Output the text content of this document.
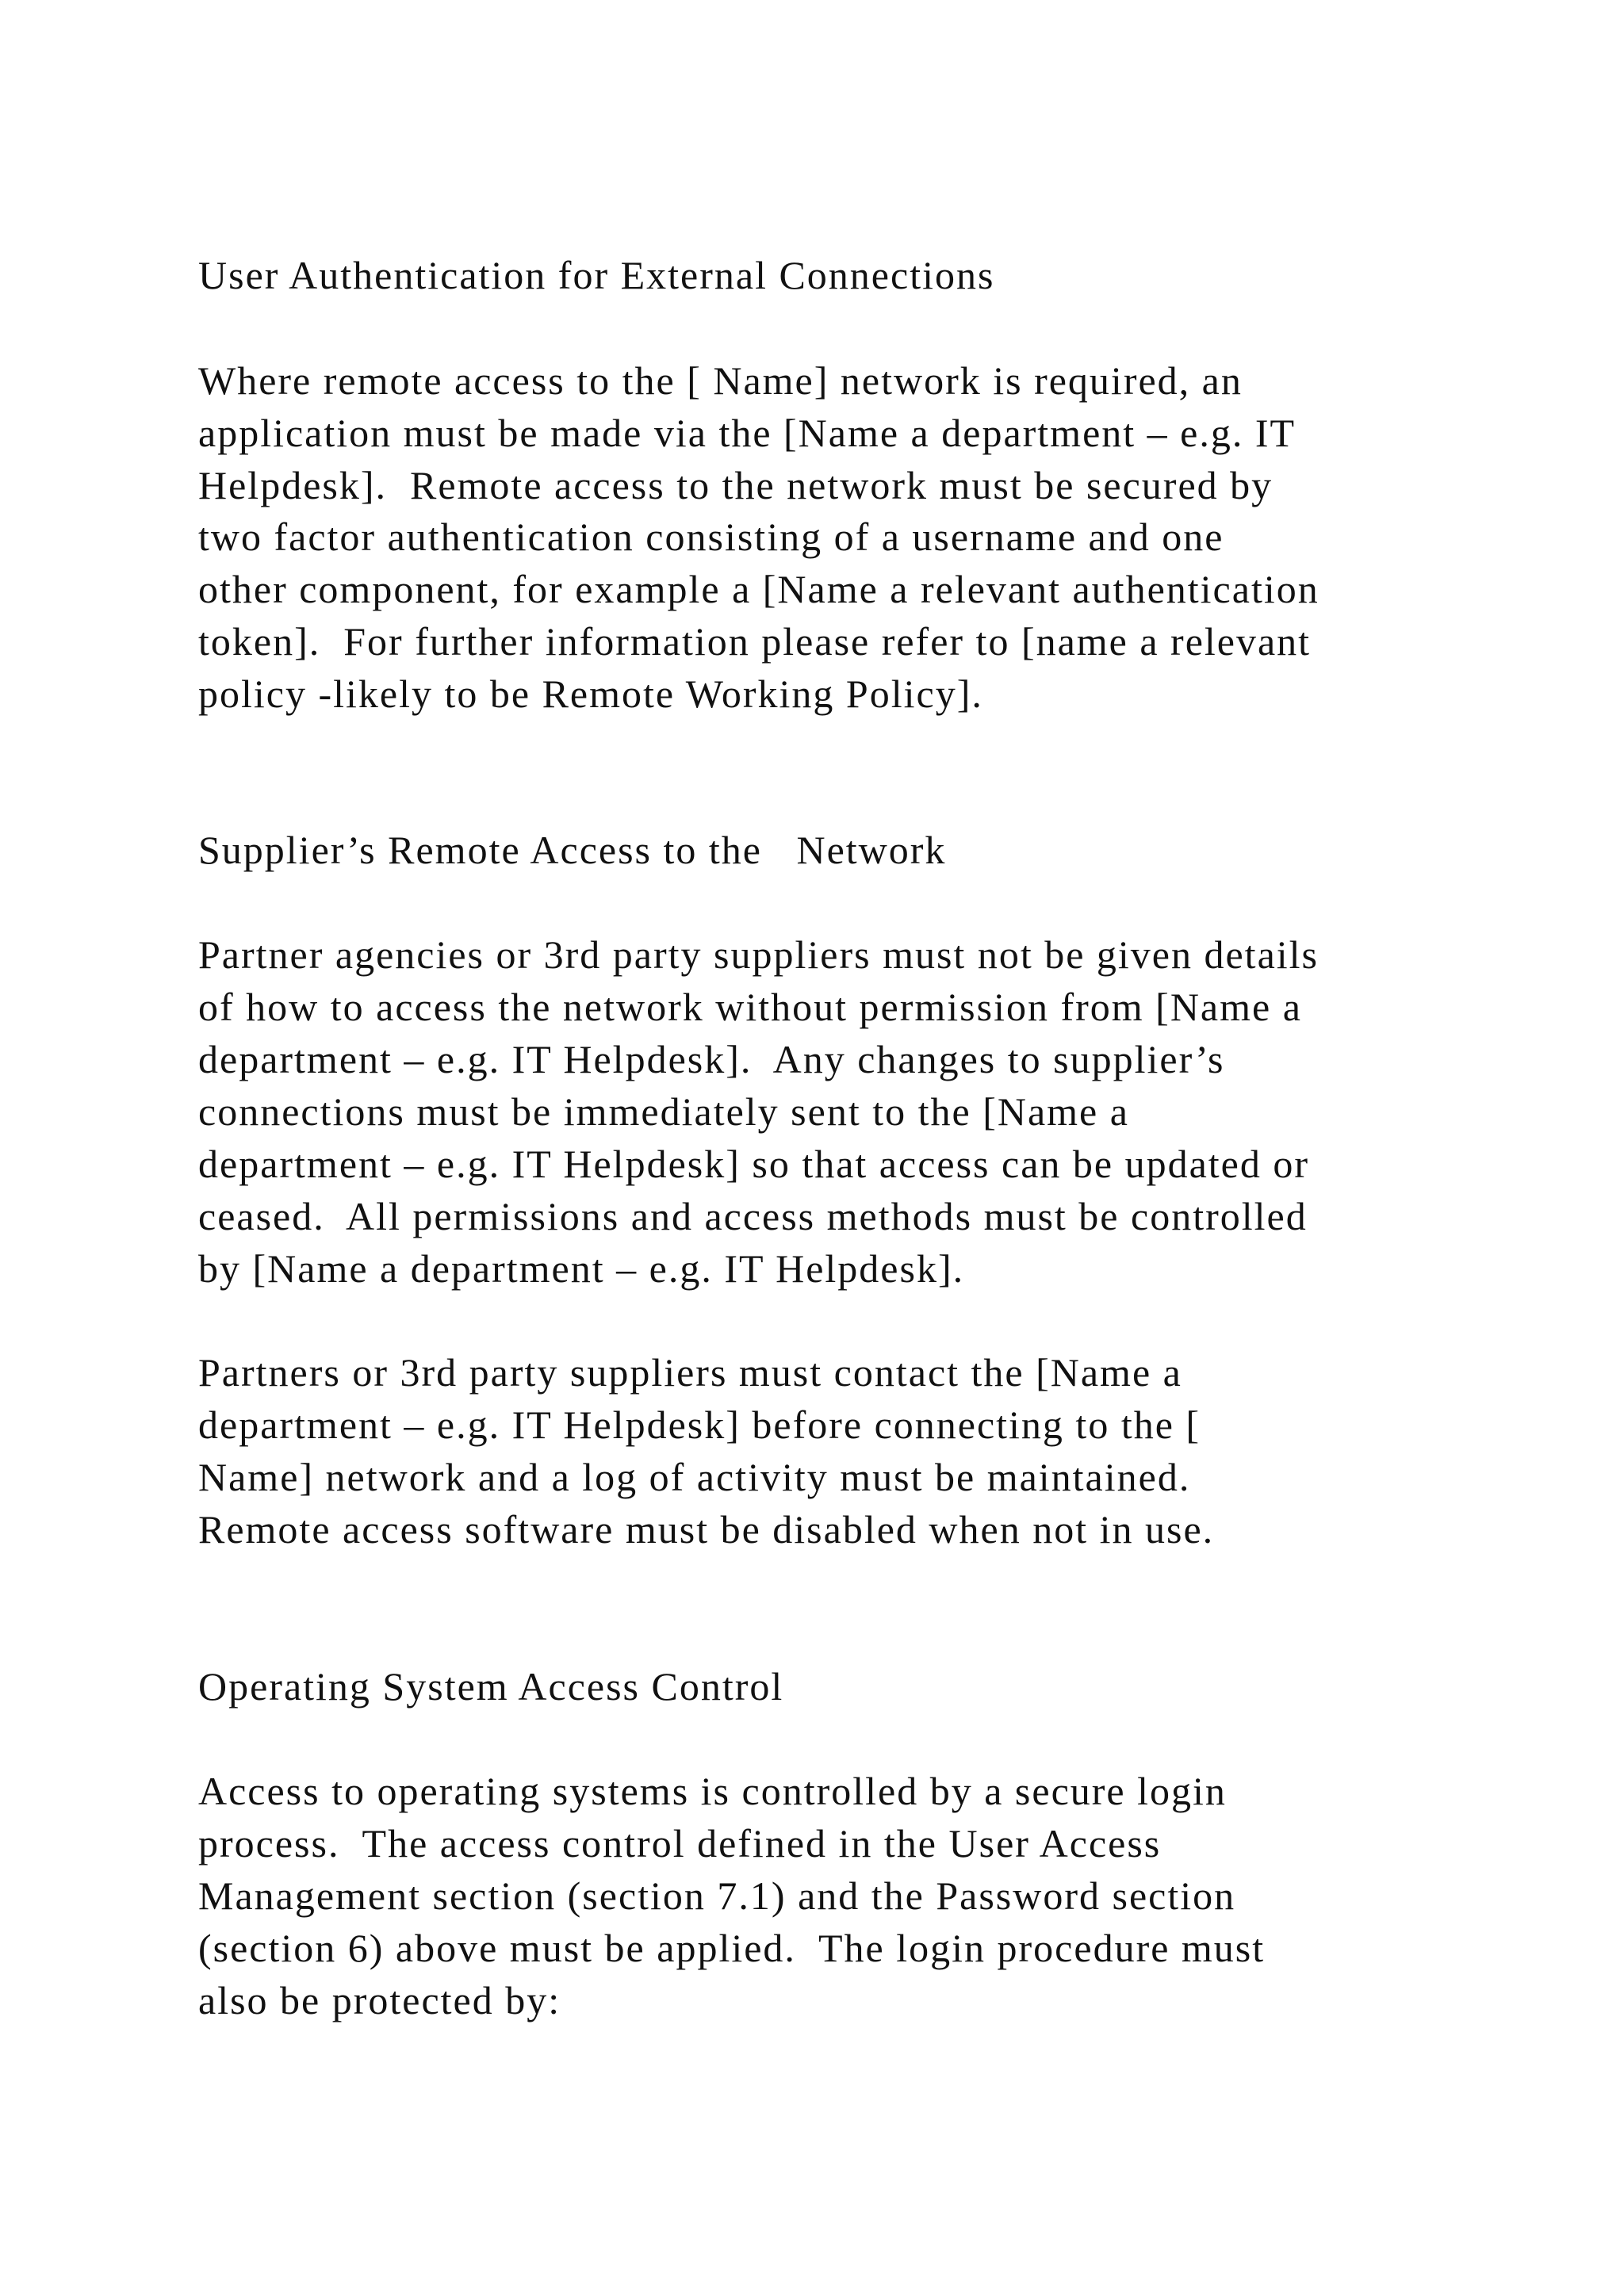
User Authentication for External Connections

Where remote access to the [ Name] network is required, an

application must be made via the [Name a department – e.g. IT

Helpdesk].  Remote access to the network must be secured by

two factor authentication consisting of a username and one

other component, for example a [Name a relevant authentication

token].  For further information please refer to [name a relevant

policy -likely to be Remote Working Policy].

Supplier’s Remote Access to the   Network

Partner agencies or 3rd party suppliers must not be given details

of how to access the network without permission from [Name a

department – e.g. IT Helpdesk].  Any changes to supplier’s

connections must be immediately sent to the [Name a

department – e.g. IT Helpdesk] so that access can be updated or

ceased.  All permissions and access methods must be controlled

by [Name a department – e.g. IT Helpdesk].

Partners or 3rd party suppliers must contact the [Name a

department – e.g. IT Helpdesk] before connecting to the [

Name] network and a log of activity must be maintained.

Remote access software must be disabled when not in use.

Operating System Access Control

Access to operating systems is controlled by a secure login

process.  The access control defined in the User Access

Management section (section 7.1) and the Password section

(section 6) above must be applied.  The login procedure must

also be protected by:
